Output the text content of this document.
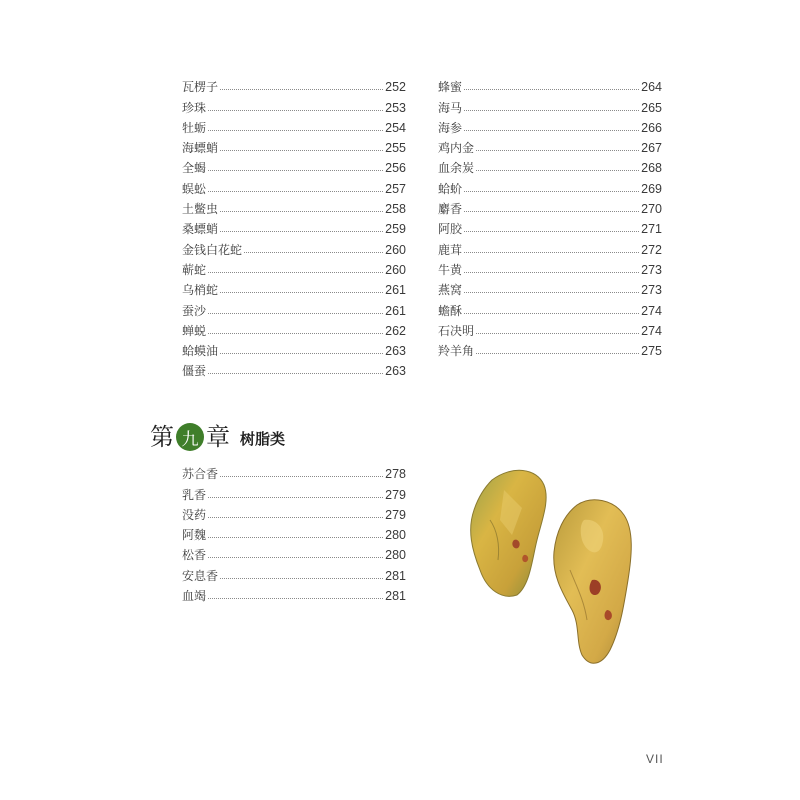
瓦楞子	252
珍珠	253
牡蛎	254
海螵蛸	255
全蝎	256
蜈蚣	257
土鳖虫	258
桑螵蛸	259
金钱白花蛇	260
蕲蛇	260
乌梢蛇	261
蚕沙	261
蝉蜕	262
蛤蟆油	263
僵蚕	263
蜂蜜	264
海马	265
海参	266
鸡内金	267
血余炭	268
蛤蚧	269
麝香	270
阿胶	271
鹿茸	272
牛黄	273
燕窝	273
蟾酥	274
石决明	274
羚羊角	275
第 九 章 树脂类
苏合香	278
乳香	279
没药	279
阿魏	280
松香	280
安息香	281
血竭	281
VII
